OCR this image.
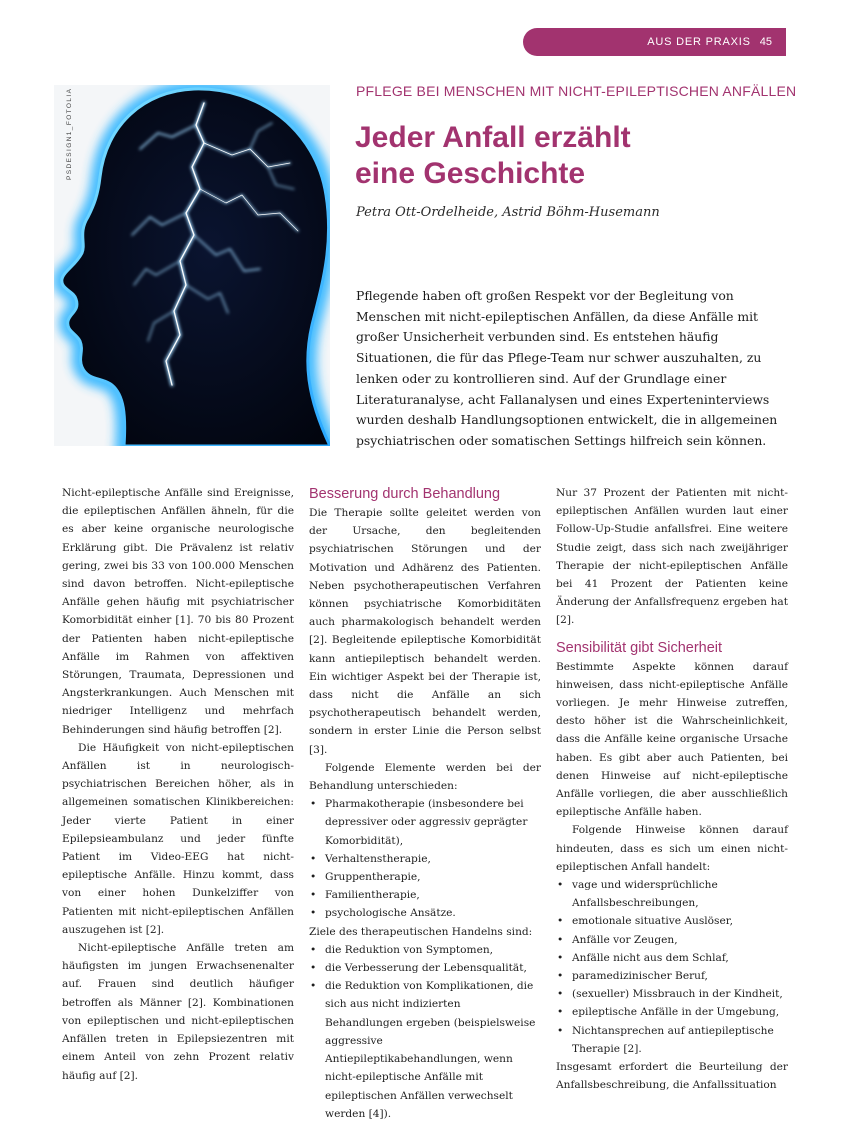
AUS DER PRAXIS 45
PSDESIGN1_FOTOLIA	PFLEGE BEI MENSCHEN MIT NICHT-EPILEPTISCHEN ANFÄLLEN
Jeder Anfall erzählt
eine Geschichte
Petra Ott-Ordelheide, Astrid Böhm-Husemann

Pflegende haben oft großen Respekt vor der Begleitung von Menschen mit nicht-epileptischen Anfällen, da diese Anfälle mit großer Unsicherheit verbunden sind. Es entstehen häufig Situationen, die für das Pflege-Team nur schwer auszuhalten, zu lenken oder zu kontrollieren sind. Auf der Grundlage einer Literaturanalyse, acht Fallanalysen und eines Experteninterviews wurden deshalb Handlungsoptionen entwickelt, die in allgemeinen psychiatrischen oder somatischen Settings hilfreich sein können.

Nicht-epileptische Anfälle sind Ereignisse, die epileptischen Anfällen ähneln, für die es aber keine organische neurologische Erklärung gibt. Die Prävalenz ist relativ gering, zwei bis 33 von 100.000 Menschen sind davon betroffen. Nicht-epileptische Anfälle gehen häufig mit psychiatrischer Komorbidität einher [1]. 70 bis 80 Prozent der Patienten haben nicht-epileptische Anfälle im Rahmen von affektiven Störungen, Traumata, Depressionen und Angsterkrankungen. Auch Menschen mit niedriger Intelligenz und mehrfach Behinderungen sind häufig betroffen [2].

Die Häufigkeit von nicht-epileptischen Anfällen ist in neurologisch-psychiatrischen Bereichen höher, als in allgemeinen somatischen Klinikbereichen: Jeder vierte Patient in einer Epilepsieambulanz und jeder fünfte Patient im Video-EEG hat nicht-epileptische Anfälle. Hinzu kommt, dass von einer hohen Dunkelziffer von Patienten mit nicht-epileptischen Anfällen auszugehen ist [2].

Nicht-epileptische Anfälle treten am häufigsten im jungen Erwachsenenalter auf. Frauen sind deutlich häufiger betroffen als Männer [2]. Kombinationen von epileptischen und nicht-epileptischen Anfällen treten in Epilepsiezentren mit einem Anteil von zehn Prozent relativ häufig auf [2].

Besserung durch Behandlung

Die Therapie sollte geleitet werden von der Ursache, den begleitenden psychiatrischen Störungen und der Motivation und Adhärenz des Patienten. Neben psychotherapeutischen Verfahren können psychiatrische Komorbiditäten auch pharmakologisch behandelt werden [2]. Begleitende epileptische Komorbidität kann antiepileptisch behandelt werden. Ein wichtiger Aspekt bei der Therapie ist, dass nicht die Anfälle an sich psychotherapeutisch behandelt werden, sondern in erster Linie die Person selbst [3].

Folgende Elemente werden bei der Behandlung unterschieden:

• Pharmakotherapie (insbesondere bei depressiver oder aggressiv geprägter Komorbidität),
• Verhaltenstherapie,
• Gruppentherapie,
• Familientherapie,
• psychologische Ansätze.

Ziele des therapeutischen Handelns sind:

• die Reduktion von Symptomen,
• die Verbesserung der Lebensqualität,
• die Reduktion von Komplikationen, die sich aus nicht indizierten Behandlungen ergeben (beispielsweise aggressive Antiepileptikabehandlungen, wenn nicht-epileptische Anfälle mit epileptischen Anfällen verwechselt werden [4]).

Nur 37 Prozent der Patienten mit nicht-epileptischen Anfällen wurden laut einer Follow-Up-Studie anfallsfrei. Eine weitere Studie zeigt, dass sich nach zweijähriger Therapie der nicht-epileptischen Anfälle bei 41 Prozent der Patienten keine Änderung der Anfallsfrequenz ergeben hat [2].

Sensibilität gibt Sicherheit

Bestimmte Aspekte können darauf hinweisen, dass nicht-epileptische Anfälle vorliegen. Je mehr Hinweise zutreffen, desto höher ist die Wahrscheinlichkeit, dass die Anfälle keine organische Ursache haben. Es gibt aber auch Patienten, bei denen Hinweise auf nicht-epileptische Anfälle vorliegen, die aber ausschließlich epileptische Anfälle haben.

Folgende Hinweise können darauf hindeuten, dass es sich um einen nicht-epileptischen Anfall handelt:

• vage und widersprüchliche Anfallsbeschreibungen,
• emotionale situative Auslöser,
• Anfälle vor Zeugen,
• Anfälle nicht aus dem Schlaf,
• paramedizinischer Beruf,
• (sexueller) Missbrauch in der Kindheit,
• epileptische Anfälle in der Umgebung,
• Nichtansprechen auf antiepileptische Therapie [2].

Insgesamt erfordert die Beurteilung der Anfallsbeschreibung, die Anfallssituation
